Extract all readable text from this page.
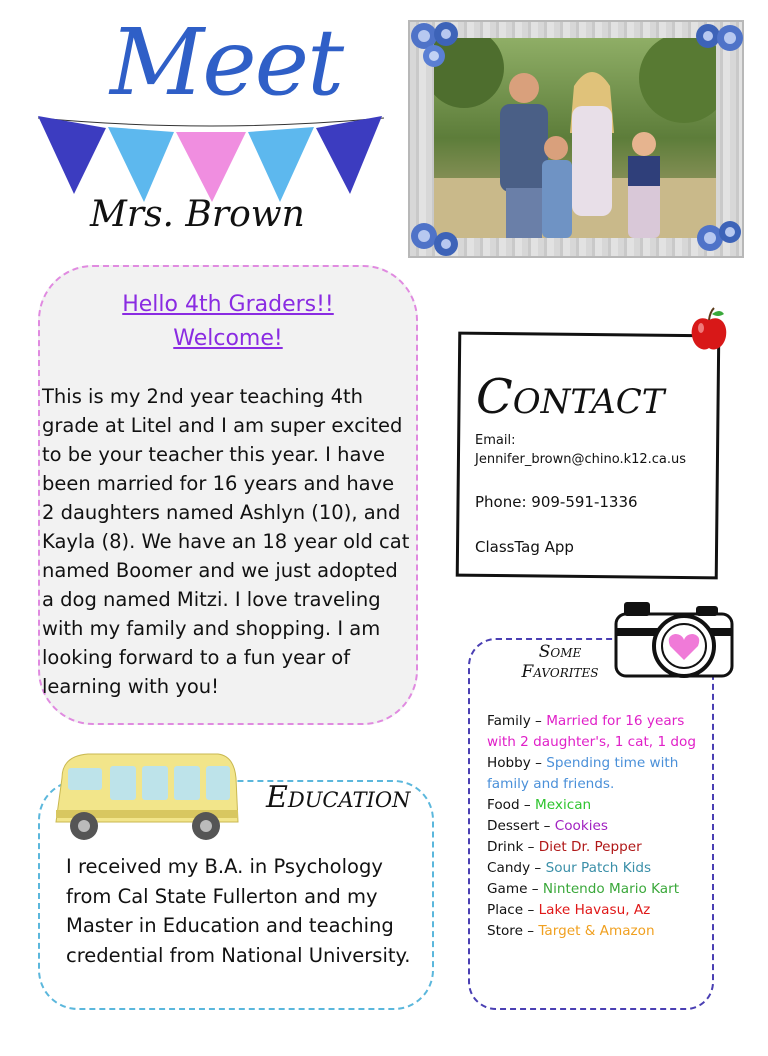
Meet
Mrs. Brown
Hello 4th Graders!!
Welcome!
This is my 2nd year teaching 4th grade at Litel and I am super excited to be your teacher this year. I have been married for 16 years and have 2 daughters named Ashlyn (10), and Kayla (8). We have an 18 year old cat named Boomer and we just adopted a dog named Mitzi. I love traveling with my family and shopping. I am looking forward to a fun year of learning with you!
Contact
Email:
Jennifer_brown@chino.k12.ca.us
Phone: 909-591-1336
ClassTag App
Education
I received my B.A. in Psychology from Cal State Fullerton and my Master in Education and teaching credential from National University.
Some
Favorites
Family – Married for 16 years with 2 daughter's, 1 cat, 1 dog
Hobby – Spending time with family and friends.
Food – Mexican
Dessert – Cookies
Drink – Diet Dr. Pepper
Candy – Sour Patch Kids
Game – Nintendo Mario Kart
Place – Lake Havasu, Az
Store – Target & Amazon
